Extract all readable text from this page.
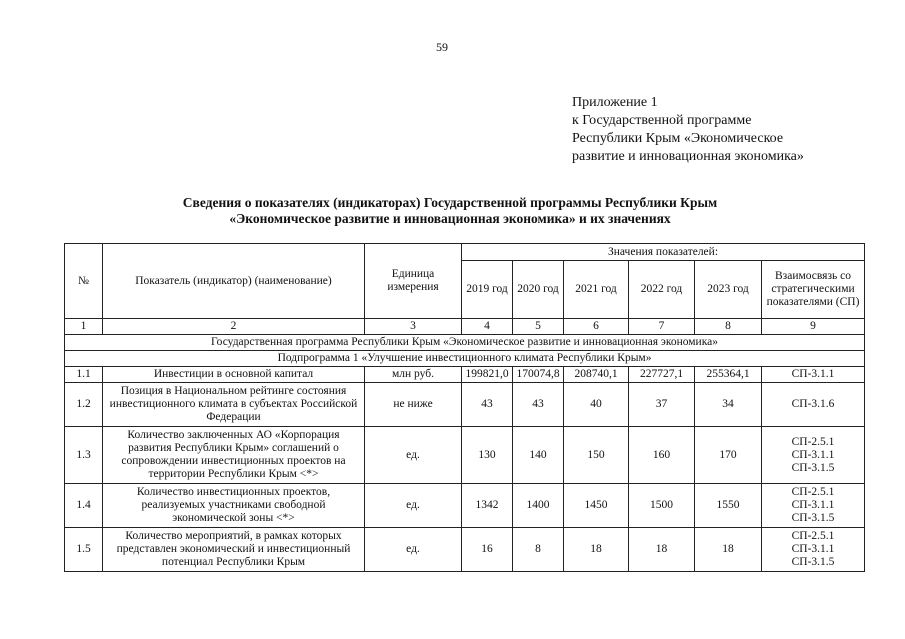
59
Приложение 1
к Государственной программе
Республики Крым «Экономическое
развитие и инновационная экономика»
Сведения о показателях (индикаторах) Государственной программы Республики Крым
«Экономическое развитие и инновационная экономика» и их значениях
№	Показатель (индикатор) (наименование)	Единица измерения	Значения показателей:					
			2019 год	2020 год	2021 год	2022 год	2023 год	Взаимосвязь со стратегическими показателями (СП)
1	2	3	4	5	6	7	8	9
Государственная программа Республики Крым «Экономическое развитие и инновационная экономика»								
Подпрограмма 1 «Улучшение инвестиционного климата Республики Крым»								
1.1	Инвестиции в основной капитал	млн руб.	199821,0	170074,8	208740,1	227727,1	255364,1	СП-3.1.1

1.2	Позиция в Национальном рейтинге состояния инвестиционного климата в субъектах Российской Федерации	не ниже	43	43	40	37	34	СП-3.1.6

1.3	Количество заключенных АО «Корпорация развития Республики Крым» соглашений о сопровождении инвестиционных проектов на территории Республики Крым <*>	ед.	130	140	150	160	170	СП-2.5.1
СП-3.1.1
СП-3.1.5

1.4	Количество инвестиционных проектов, реализуемых участниками свободной экономической зоны <*>	ед.	1342	1400	1450	1500	1550	СП-2.5.1
СП-3.1.1
СП-3.1.5

1.5	Количество мероприятий, в рамках которых представлен экономический и инвестиционный потенциал Республики Крым	ед.	16	8	18	18	18	СП-2.5.1
СП-3.1.1
СП-3.1.5
